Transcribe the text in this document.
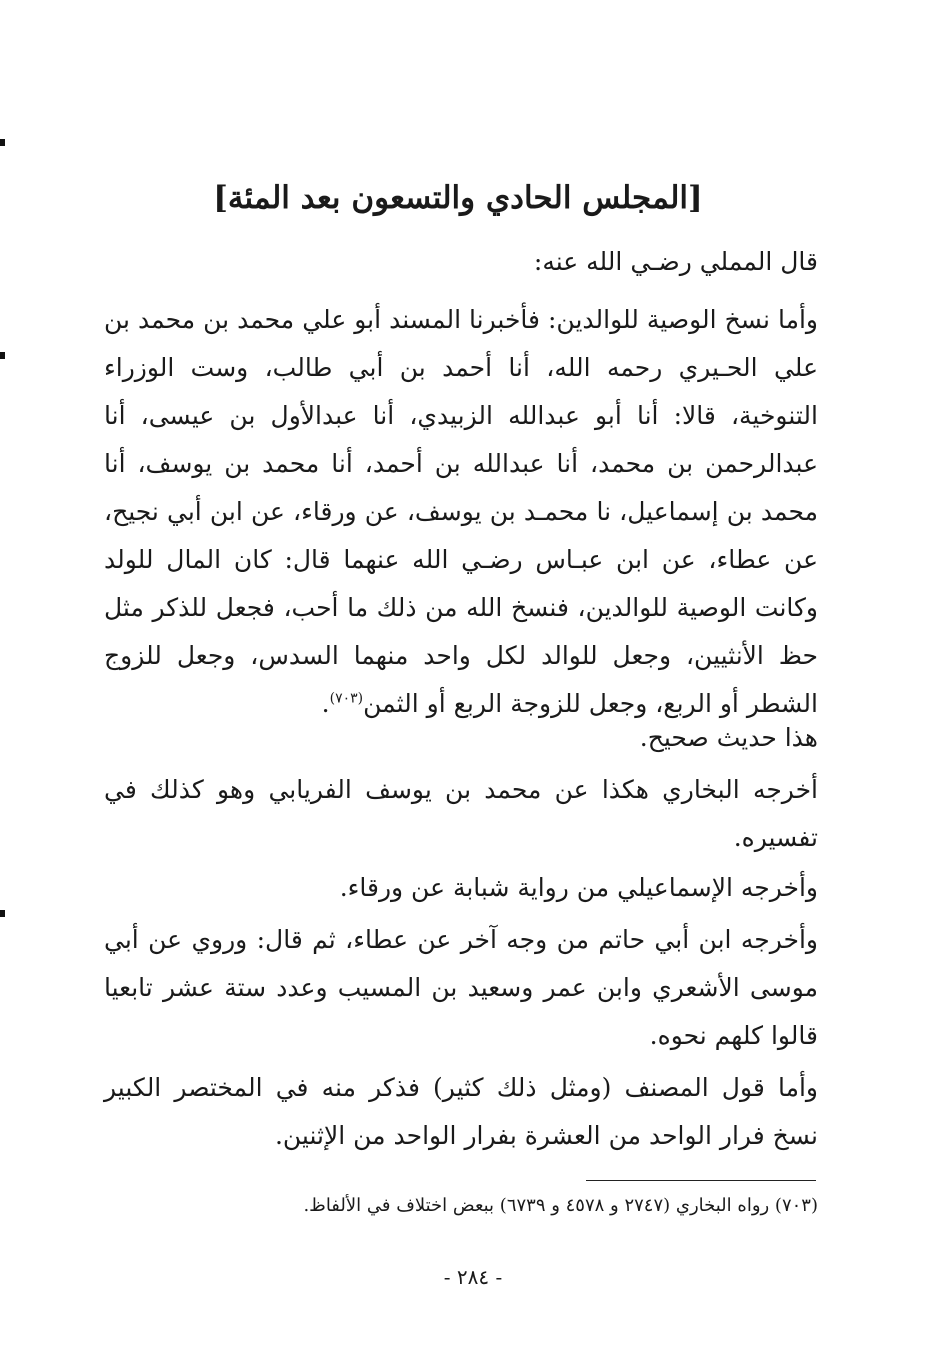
[المجلس الحادي والتسعون بعد المئة]

قال المملي رضـي الله عنه:

وأما نسخ الوصية للوالدين: فأخبرنا المسند أبو علي محمد بن محمد بن علي الحـيري رحمه الله، أنا أحمد بن أبي طالب، وست الوزراء التنوخية، قالا: أنا أبو عبدالله الزبيدي، أنا عبدالأول بن عيسى، أنا عبدالرحمن بن محمد، أنا عبدالله بن أحمد، أنا محمد بن يوسف، أنا محمد بن إسماعيل، نا محمـد بن يوسف، عن ورقاء، عن ابن أبي نجيح، عن عطاء، عن ابن عبـاس رضـي الله عنهما قال: كان المال للولد وكانت الوصية للوالدين، فنسخ الله من ذلك ما أحب، فجعل للذكر مثل حظ الأنثيين، وجعل للوالد لكل واحد منهما السدس، وجعل للزوج الشطر أو الربع، وجعل للزوجة الربع أو الثمن$^{(٧٠٣)}$.

هذا حديث صحيح.

أخرجه البخاري هكذا عن محمد بن يوسف الفريابي وهو كذلك في تفسيره.

وأخرجه الإسماعيلي من رواية شبابة عن ورقاء.

وأخرجه ابن أبي حاتم من وجه آخر عن عطاء، ثم قال: وروي عن أبي موسى الأشعري وابن عمر وسعيد بن المسيب وعدد ستة عشر تابعيا قالوا كلهم نحوه.

وأما قول المصنف (ومثل ذلك كثير) فذكر منه في المختصر الكبير نسخ فرار الواحد من العشرة بفرار الواحد من الإثنين.

(٧٠٣) رواه البخاري (٢٧٤٧ و ٤٥٧٨ و ٦٧٣٩) ببعض اختلاف في الألفاظ.
- ٢٨٤ -
